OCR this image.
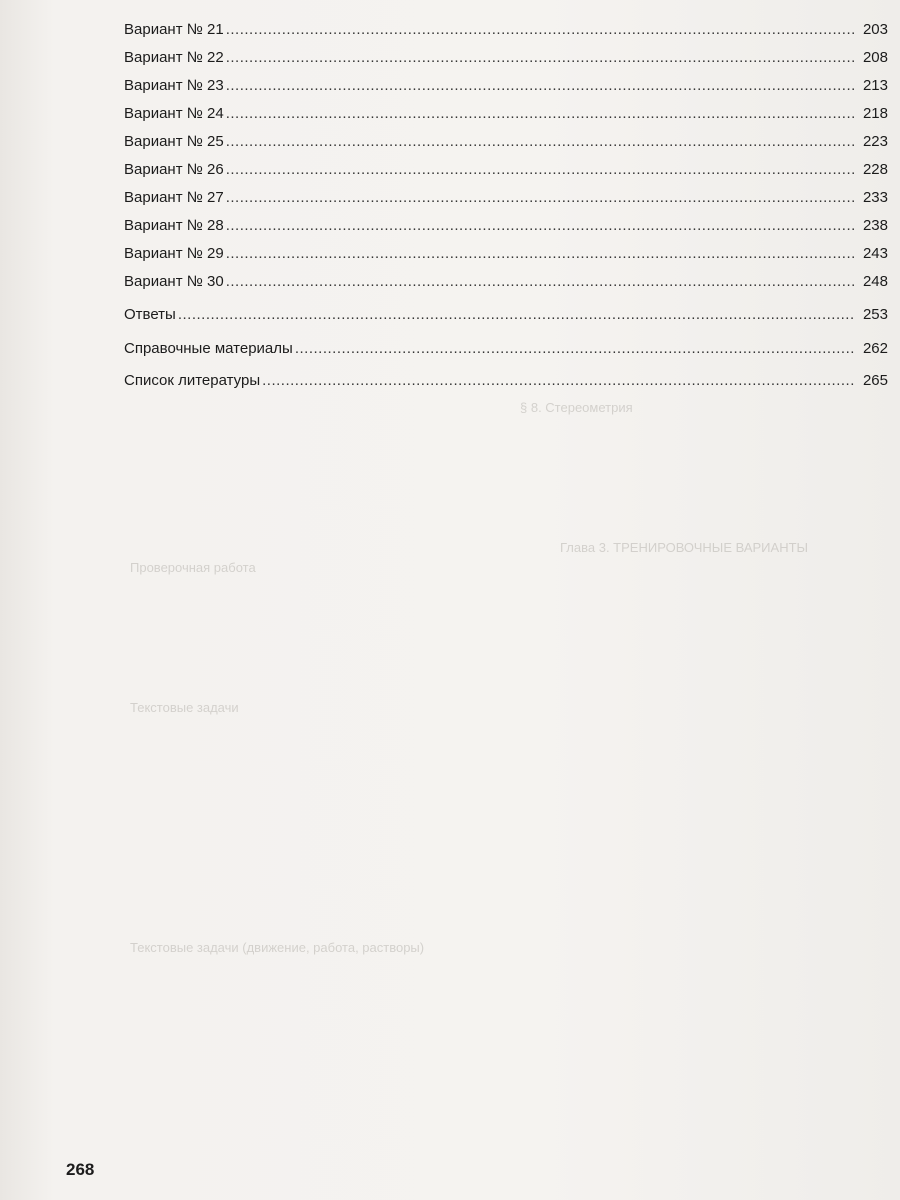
§ 8. Стереометрия
Проверочная работа
Глава 3. ТРЕНИРОВОЧНЫЕ ВАРИАНТЫ
Текстовые задачи
Текстовые задачи (движение, работа, растворы)
Вариант № 21 .....	203
Вариант № 22 .....	208
Вариант № 23 .....	213
Вариант № 24 .....	218
Вариант № 25 .....	223
Вариант № 26 .....	228
Вариант № 27 .....	233
Вариант № 28 .....	238
Вариант № 29 .....	243
Вариант № 30 .....	248
Ответы .....	253
Справочные материалы .....	262
Список литературы .....	265
268
